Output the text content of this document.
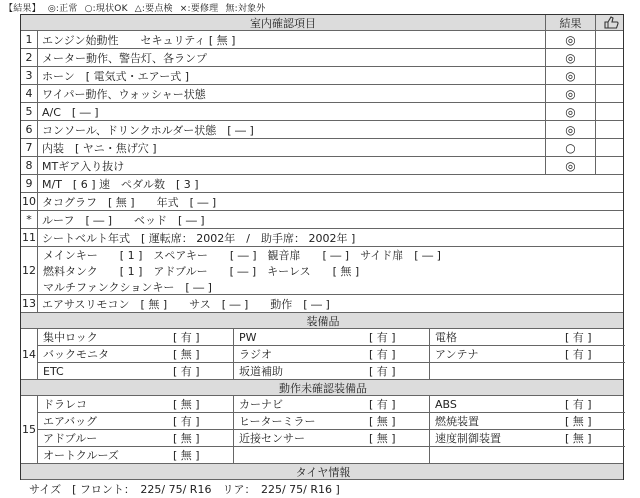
【結果】 ◎:正常 ○:現状OK △:要点検 ×:要修理 無:対象外
室内確認項目	結果
1 エンジン始動性　　セキュリティ [ 無 ]	◎
2 メーター動作、警告灯、各ランプ	◎
3 ホーン　[ 電気式・エアー式 ]	◎
4 ワイパー動作、ウォッシャー状態	◎
5 A/C　[ ― ]	◎
6 コンソール、ドリンクホルダー状態　[ ― ]	◎
7 内装　[ ヤニ・焦げ穴 ]	○
8 MTギア入り抜け	◎
9 M/T　[ 6 ] 速　ペダル数　[ 3 ]
10 タコグラフ　[ 無 ]　　年式　[ ― ]
* ルーフ　[ ― ]　　ベッド　[ ― ]
11 シートベルト年式　[ 運転席： 2002年　/　助手席： 2002年 ]
12
メインキー　　[ 1 ]　スペアキー　　[ ― ]　観音扉　　[ ― ]　サイド扉　[ ― ]
燃料タンク　　[ 1 ]　アドブルー　　[ ― ]　キーレス　　[ 無 ]
マルチファンクションキー　[ ― ]
13 エアサスリモコン　[ 無 ]　　サス　[ ― ]　　動作　[ ― ]
装備品
14
集中ロック	[ 有 ]	PW	[ 有 ]	電格	[ 有 ]
バックモニタ	[ 無 ]	ラジオ	[ 有 ]	アンテナ	[ 有 ]
ETC	[ 有 ]	坂道補助	[ 有 ]
動作未確認装備品
15
ドラレコ	[ 無 ]	カーナビ	[ 有 ]	ABS	[ 有 ]
エアバッグ	[ 有 ]	ヒーターミラー	[ 無 ]	燃焼装置	[ 無 ]
アドブルー	[ 無 ]	近接センサー	[ 無 ]	速度制御装置	[ 無 ]
オートクルーズ	[ 無 ]
タイヤ情報
サイズ　[ フロント：　225/ 75/ R16　リア：　225/ 75/ R16 ]
